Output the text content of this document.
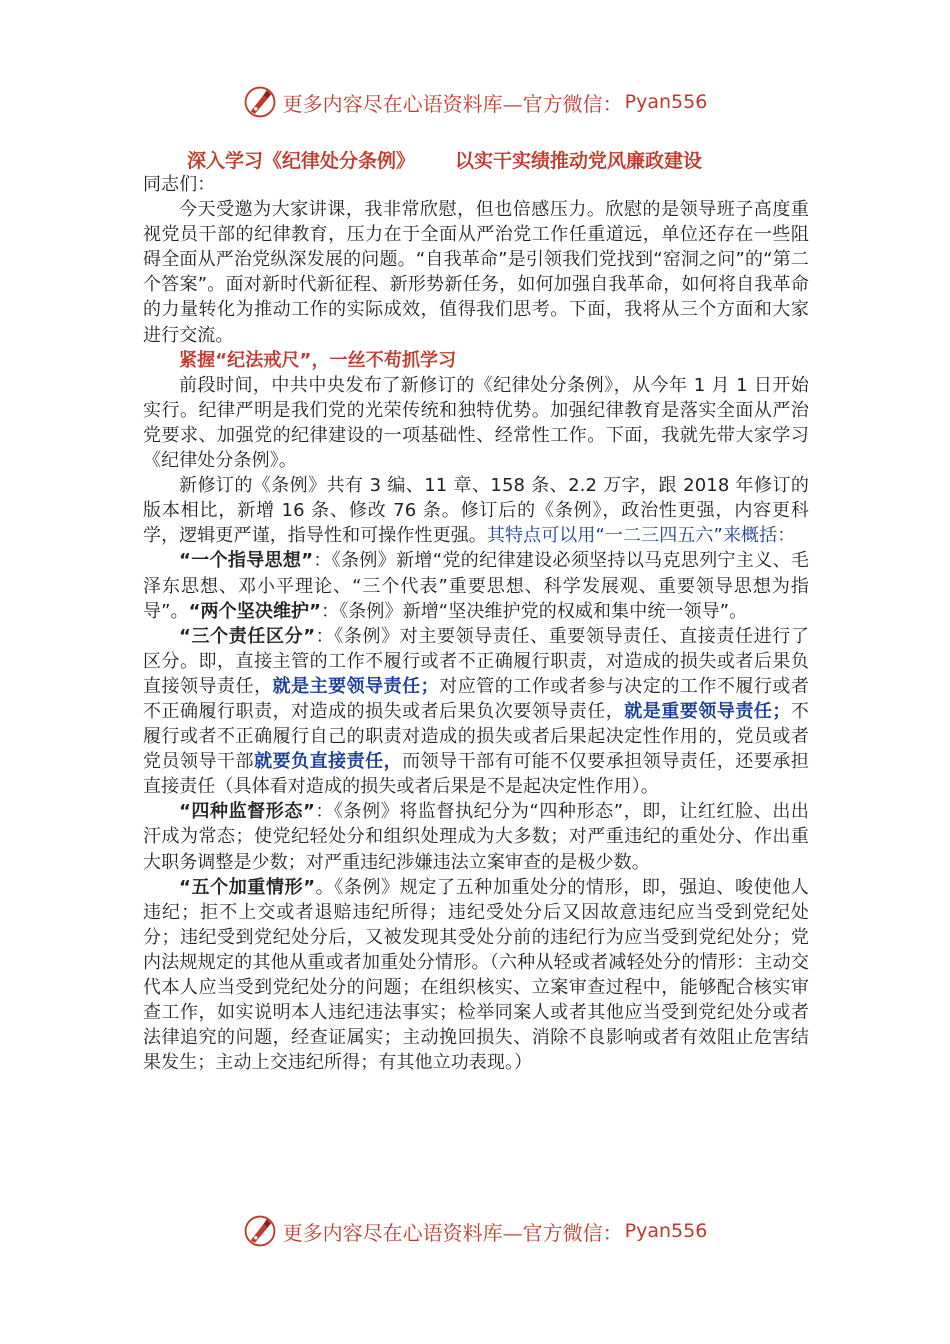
更多内容尽在心语资料库— 官方微信： Pyan556
深入学习《纪律处分条例》 以实干实绩推动党风廉政建设

同志们：

今天受邀为大家讲课，我非常欣慰，但也倍感压力。欣慰的是领导班子高度重视党员干部的纪律教育，压力在于全面从严治党工作任重道远，单位还存在一些阻碍全面从严治党纵深发展的问题。“自我革命”是引领我们党找到“窑洞之问”的“第二个答案”。面对新时代新征程、新形势新任务，如何加强自我革命，如何将自我革命的力量转化为推动工作的实际成效，值得我们思考。下面，我将从三个方面和大家进行交流。

紧握“纪法戒尺”，一丝不苟抓学习

前段时间，中共中央发布了新修订的《纪律处分条例》，从今年 1 月 1 日开始实行。纪律严明是我们党的光荣传统和独特优势。加强纪律教育是落实全面从严治党要求、加强党的纪律建设的一项基础性、经常性工作。下面，我就先带大家学习《纪律处分条例》。

新修订的《条例》共有 3 编、11 章、158 条、2.2 万字，跟 2018 年修订的版本相比，新增 16 条、修改 76 条。修订后的《条例》，政治性更强，内容更科学，逻辑更严谨，指导性和可操作性更强。其特点可以用“一二三四五六”来概括：

“一个指导思想”：《条例》新增“党的纪律建设必须坚持以马克思列宁主义、毛泽东思想、邓小平理论、“三个代表”重要思想、科学发展观、重要领导思想为指导”。“两个坚决维护”：《条例》新增“坚决维护党的权威和集中统一领导”。

“三个责任区分”：《条例》对主要领导责任、重要领导责任、直接责任进行了区分。即，直接主管的工作不履行或者不正确履行职责，对造成的损失或者后果负直接领导责任，就是主要领导责任；对应管的工作或者参与决定的工作不履行或者不正确履行职责，对造成的损失或者后果负次要领导责任，就是重要领导责任；不履行或者不正确履行自己的职责对造成的损失或者后果起决定性作用的，党员或者党员领导干部就要负直接责任，而领导干部有可能不仅要承担领导责任，还要承担直接责任（具体看对造成的损失或者后果是不是起决定性作用）。

“四种监督形态”：《条例》将监督执纪分为“四种形态”，即，让红红脸、出出汗成为常态；使党纪轻处分和组织处理成为大多数；对严重违纪的重处分、作出重大职务调整是少数；对严重违纪涉嫌违法立案审查的是极少数。

“五个加重情形”。《条例》规定了五种加重处分的情形，即，强迫、唆使他人违纪；拒不上交或者退赔违纪所得；违纪受处分后又因故意违纪应当受到党纪处分；违纪受到党纪处分后，又被发现其受处分前的违纪行为应当受到党纪处分；党内法规规定的其他从重或者加重处分情形。（六种从轻或者减轻处分的情形：主动交代本人应当受到党纪处分的问题；在组织核实、立案审查过程中，能够配合核实审查工作，如实说明本人违纪违法事实；检举同案人或者其他应当受到党纪处分或者法律追究的问题，经查证属实；主动挽回损失、消除不良影响或者有效阻止危害结果发生；主动上交违纪所得；有其他立功表现。）

更多内容尽在心语资料库— 官方微信： Pyan556
